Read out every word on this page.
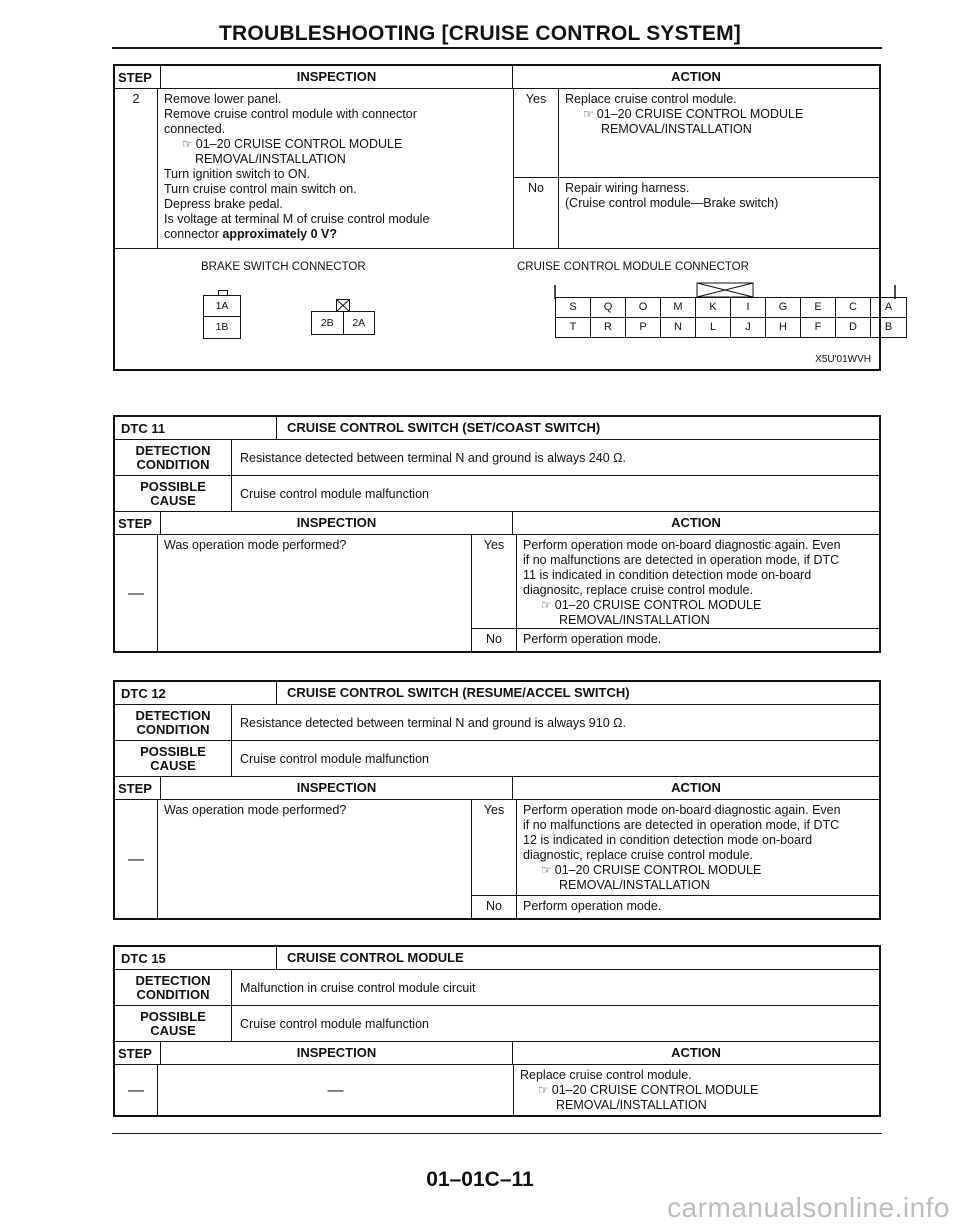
TROUBLESHOOTING [CRUISE CONTROL SYSTEM]
STEP	INSPECTION	ACTION
2	Remove lower panel.
Remove cruise control module with connector
connected.
☞ 01–20 CRUISE CONTROL MODULE
REMOVAL/INSTALLATION
Turn ignition switch to ON.
Turn cruise control main switch on.
Depress brake pedal.
Is voltage at terminal M of cruise control module
connector approximately 0 V?
Yes	Replace cruise control module.
☞ 01–20 CRUISE CONTROL MODULE
REMOVAL/INSTALLATION
No	Repair wiring harness.
(Cruise control module—Brake switch)
BRAKE SWITCH CONNECTOR	CRUISE CONTROL MODULE CONNECTOR
1A
1B	2B	2A
S	Q	O	M	K	I	G	E	C	A
T	R	P	N	L	J	H	F	D	B
X5U'01WVH
DTC 11	CRUISE CONTROL SWITCH (SET/COAST SWITCH)
DETECTION
CONDITION	Resistance detected between terminal N and ground is always 240 Ω.
POSSIBLE
CAUSE	Cruise control module malfunction
STEP	INSPECTION	ACTION
—
Was operation mode performed?	Yes	Perform operation mode on-board diagnostic again. Even
if no malfunctions are detected in operation mode, if DTC
11 is indicated in condition detection mode on-board
diagnositc, replace cruise control module.
☞ 01–20 CRUISE CONTROL MODULE
REMOVAL/INSTALLATION
No	Perform operation mode.
DTC 12	CRUISE CONTROL SWITCH (RESUME/ACCEL SWITCH)
DETECTION
CONDITION	Resistance detected between terminal N and ground is always 910 Ω.
POSSIBLE
CAUSE	Cruise control module malfunction
STEP	INSPECTION	ACTION
—
Was operation mode performed?	Yes	Perform operation mode on-board diagnostic again. Even
if no malfunctions are detected in operation mode, if DTC
12 is indicated in condition detection mode on-board
diagnostic, replace cruise control module.
☞ 01–20 CRUISE CONTROL MODULE
REMOVAL/INSTALLATION
No	Perform operation mode.
DTC 15	CRUISE CONTROL MODULE
DETECTION
CONDITION	Malfunction in cruise control module circuit
POSSIBLE
CAUSE	Cruise control module malfunction
STEP	INSPECTION	ACTION
—	—
Replace cruise control module.
☞ 01–20 CRUISE CONTROL MODULE
REMOVAL/INSTALLATION
01–01C–11
carmanualsonline.info
